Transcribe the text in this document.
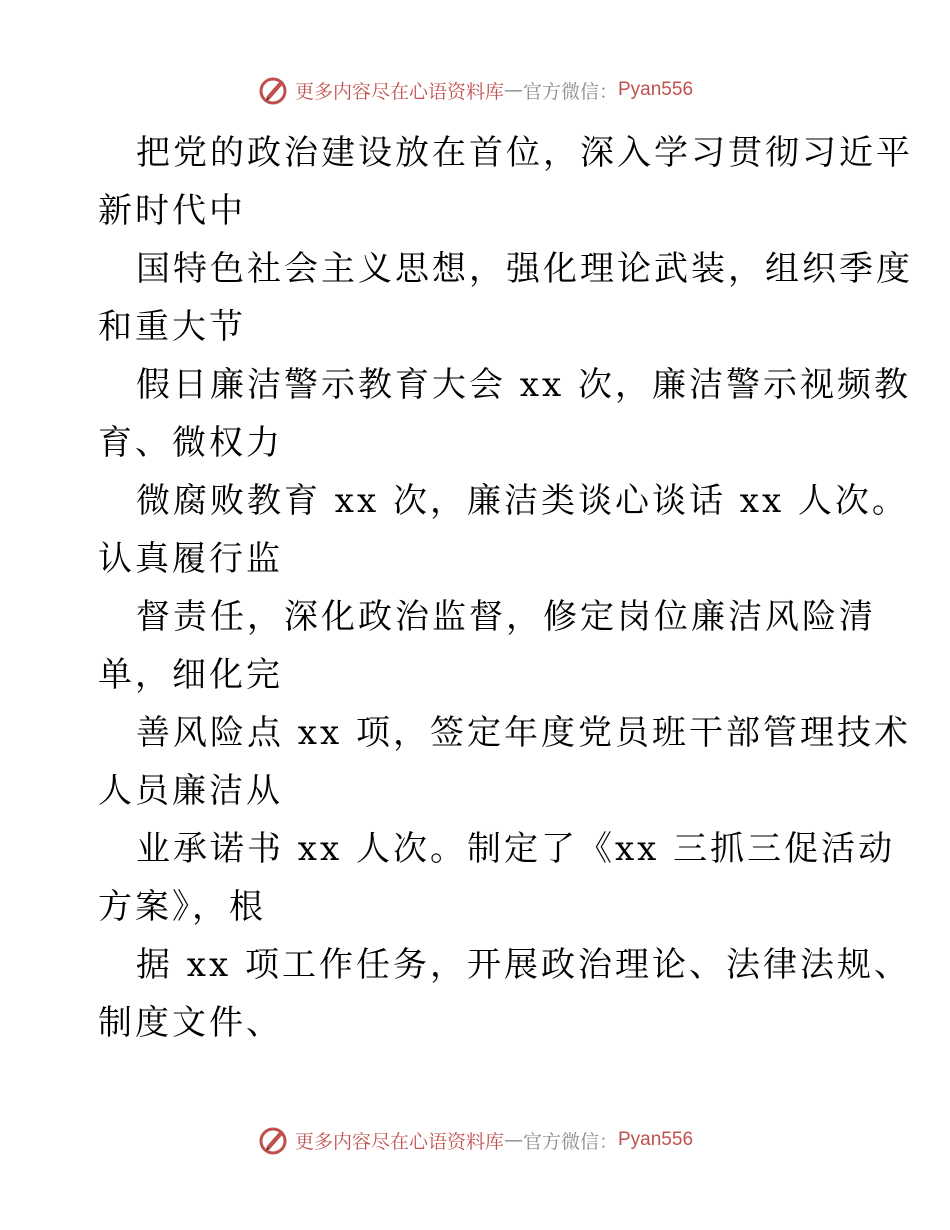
更多内容尽在心语资料库 — 官方微信： Pyan556
把党的政治建设放在首位，深入学习贯彻习近平
新时代中
国特色社会主义思想，强化理论武装，组织季度
和重大节
假日廉洁警示教育大会 xx 次，廉洁警示视频教
育、微权力
微腐败教育 xx 次，廉洁类谈心谈话 xx 人次。
认真履行监
督责任，深化政治监督，修定岗位廉洁风险清
单，细化完
善风险点 xx 项，签定年度党员班干部管理技术
人员廉洁从
业承诺书 xx 人次。制定了《xx 三抓三促活动
方案》，根
据 xx 项工作任务，开展政治理论、法律法规、
制度文件、
更多内容尽在心语资料库 — 官方微信： Pyan556
